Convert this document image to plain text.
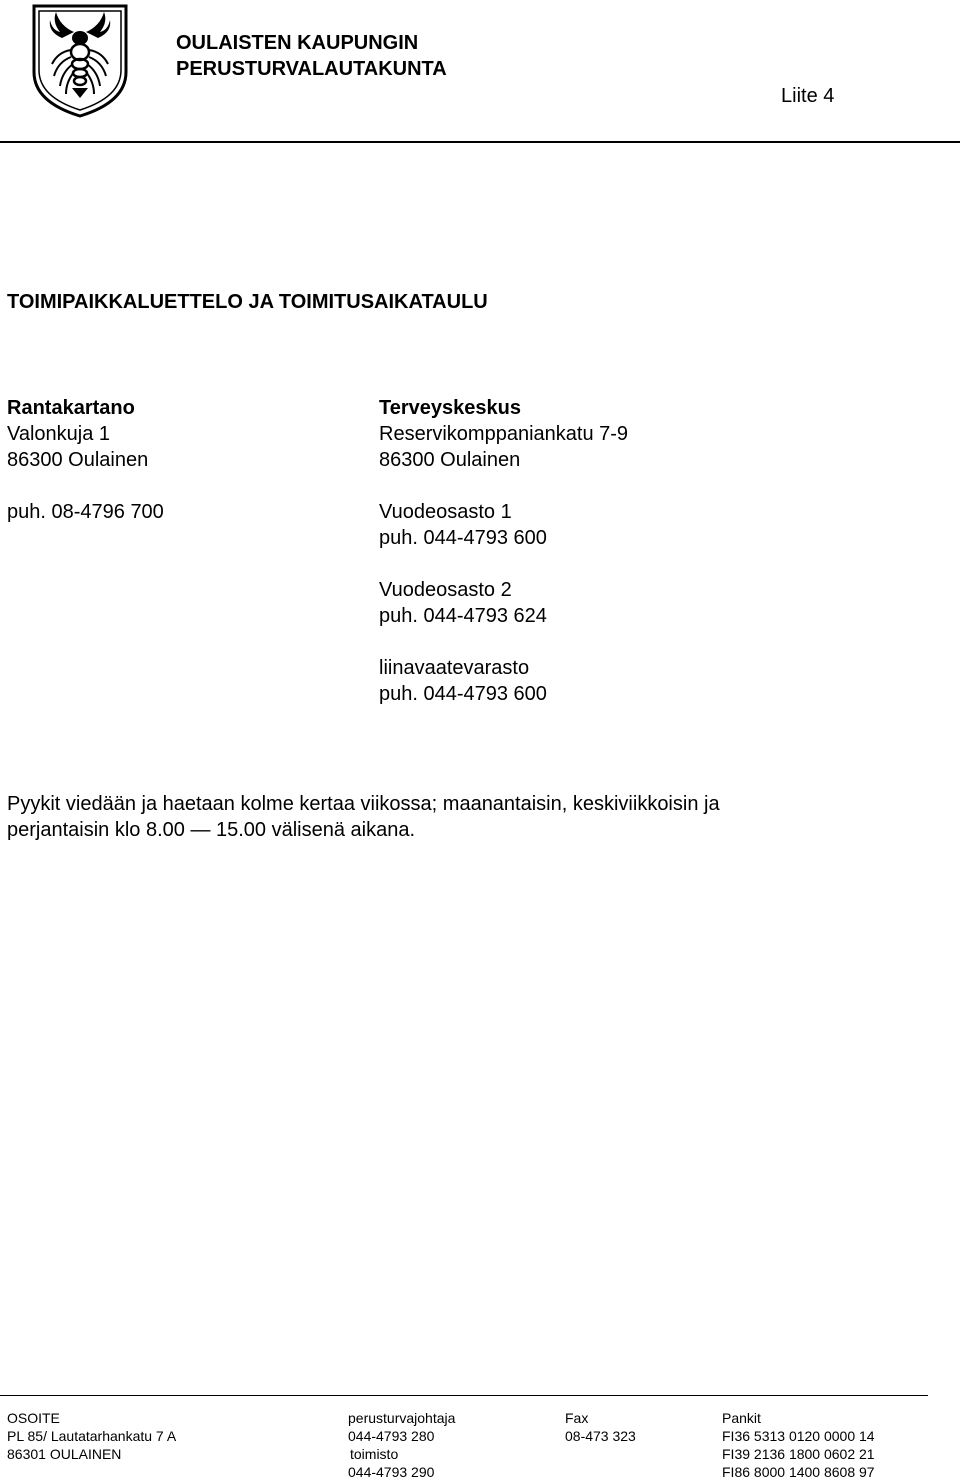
OULAISTEN KAUPUNGIN
PERUSTURVALAUTAKUNTA
Liite 4
TOIMIPAIKKALUETTELO JA TOIMITUSAIKATAULU
Rantakartano
Valonkuja 1
86300 Oulainen
puh. 08-4796 700
Terveyskeskus
Reservikomppaniankatu 7-9
86300 Oulainen
Vuodeosasto 1
puh. 044-4793 600
Vuodeosasto 2
puh. 044-4793 624
liinavaatevarasto
puh. 044-4793 600
Pyykit viedään ja haetaan kolme kertaa viikossa; maanantaisin, keskiviikkoisin ja
perjantaisin klo 8.00 — 15.00 välisenä aikana.
OSOITE
PL 85/ Lautatarhankatu 7 A
86301 OULAINEN
perusturvajohtaja
044-4793 280
toimisto
044-4793 290
Fax
08-473 323
Pankit
FI36 5313 0120 0000 14
FI39 2136 1800 0602 21
FI86 8000 1400 8608 97
